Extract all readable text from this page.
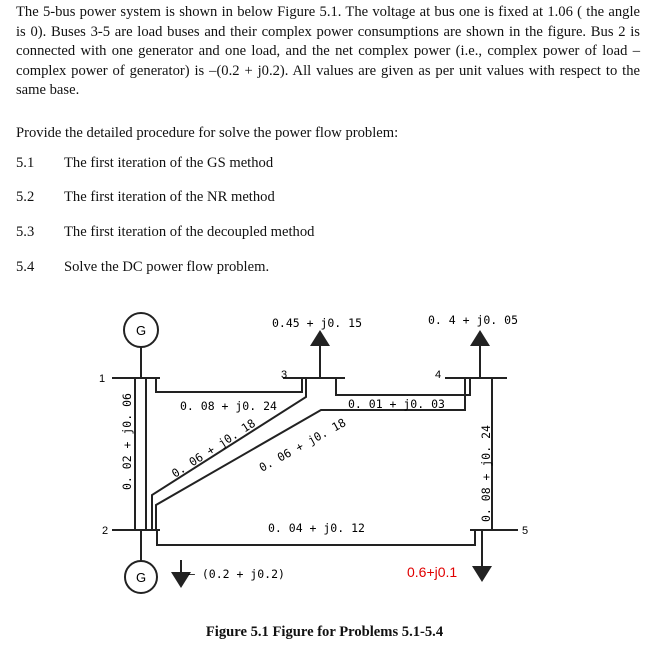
The 5-bus power system is shown in below Figure 5.1. The voltage at bus one is fixed at 1.06 ( the angle is 0). Buses 3-5 are load buses and their complex power consumptions are shown in the figure. Bus 2 is connected with one generator and one load, and the net complex power (i.e., complex power of load – complex power of generator) is –(0.2 + j0.2). All values are given as per unit values with respect to the same base.

Provide the detailed procedure for solve the power flow problem:

5.1 The first iteration of the GS method
5.2 The first iteration of the NR method
5.3 The first iteration of the decoupled method
5.4 Solve the DC power flow problem.
G
G
1
2
3	4
5
0.45 + j0. 15	0. 4 + j0. 05
– (0.2 + j0.2)	0.6+j0.1
0. 08 + j0. 24	0. 01 + j0. 03
0. 04 + j0. 12
0. 02 + j0. 06	0. 08 + j0. 24
0. 06 + j0. 18
0. 06 + j0. 18
Figure 5.1 Figure for Problems 5.1-5.4
